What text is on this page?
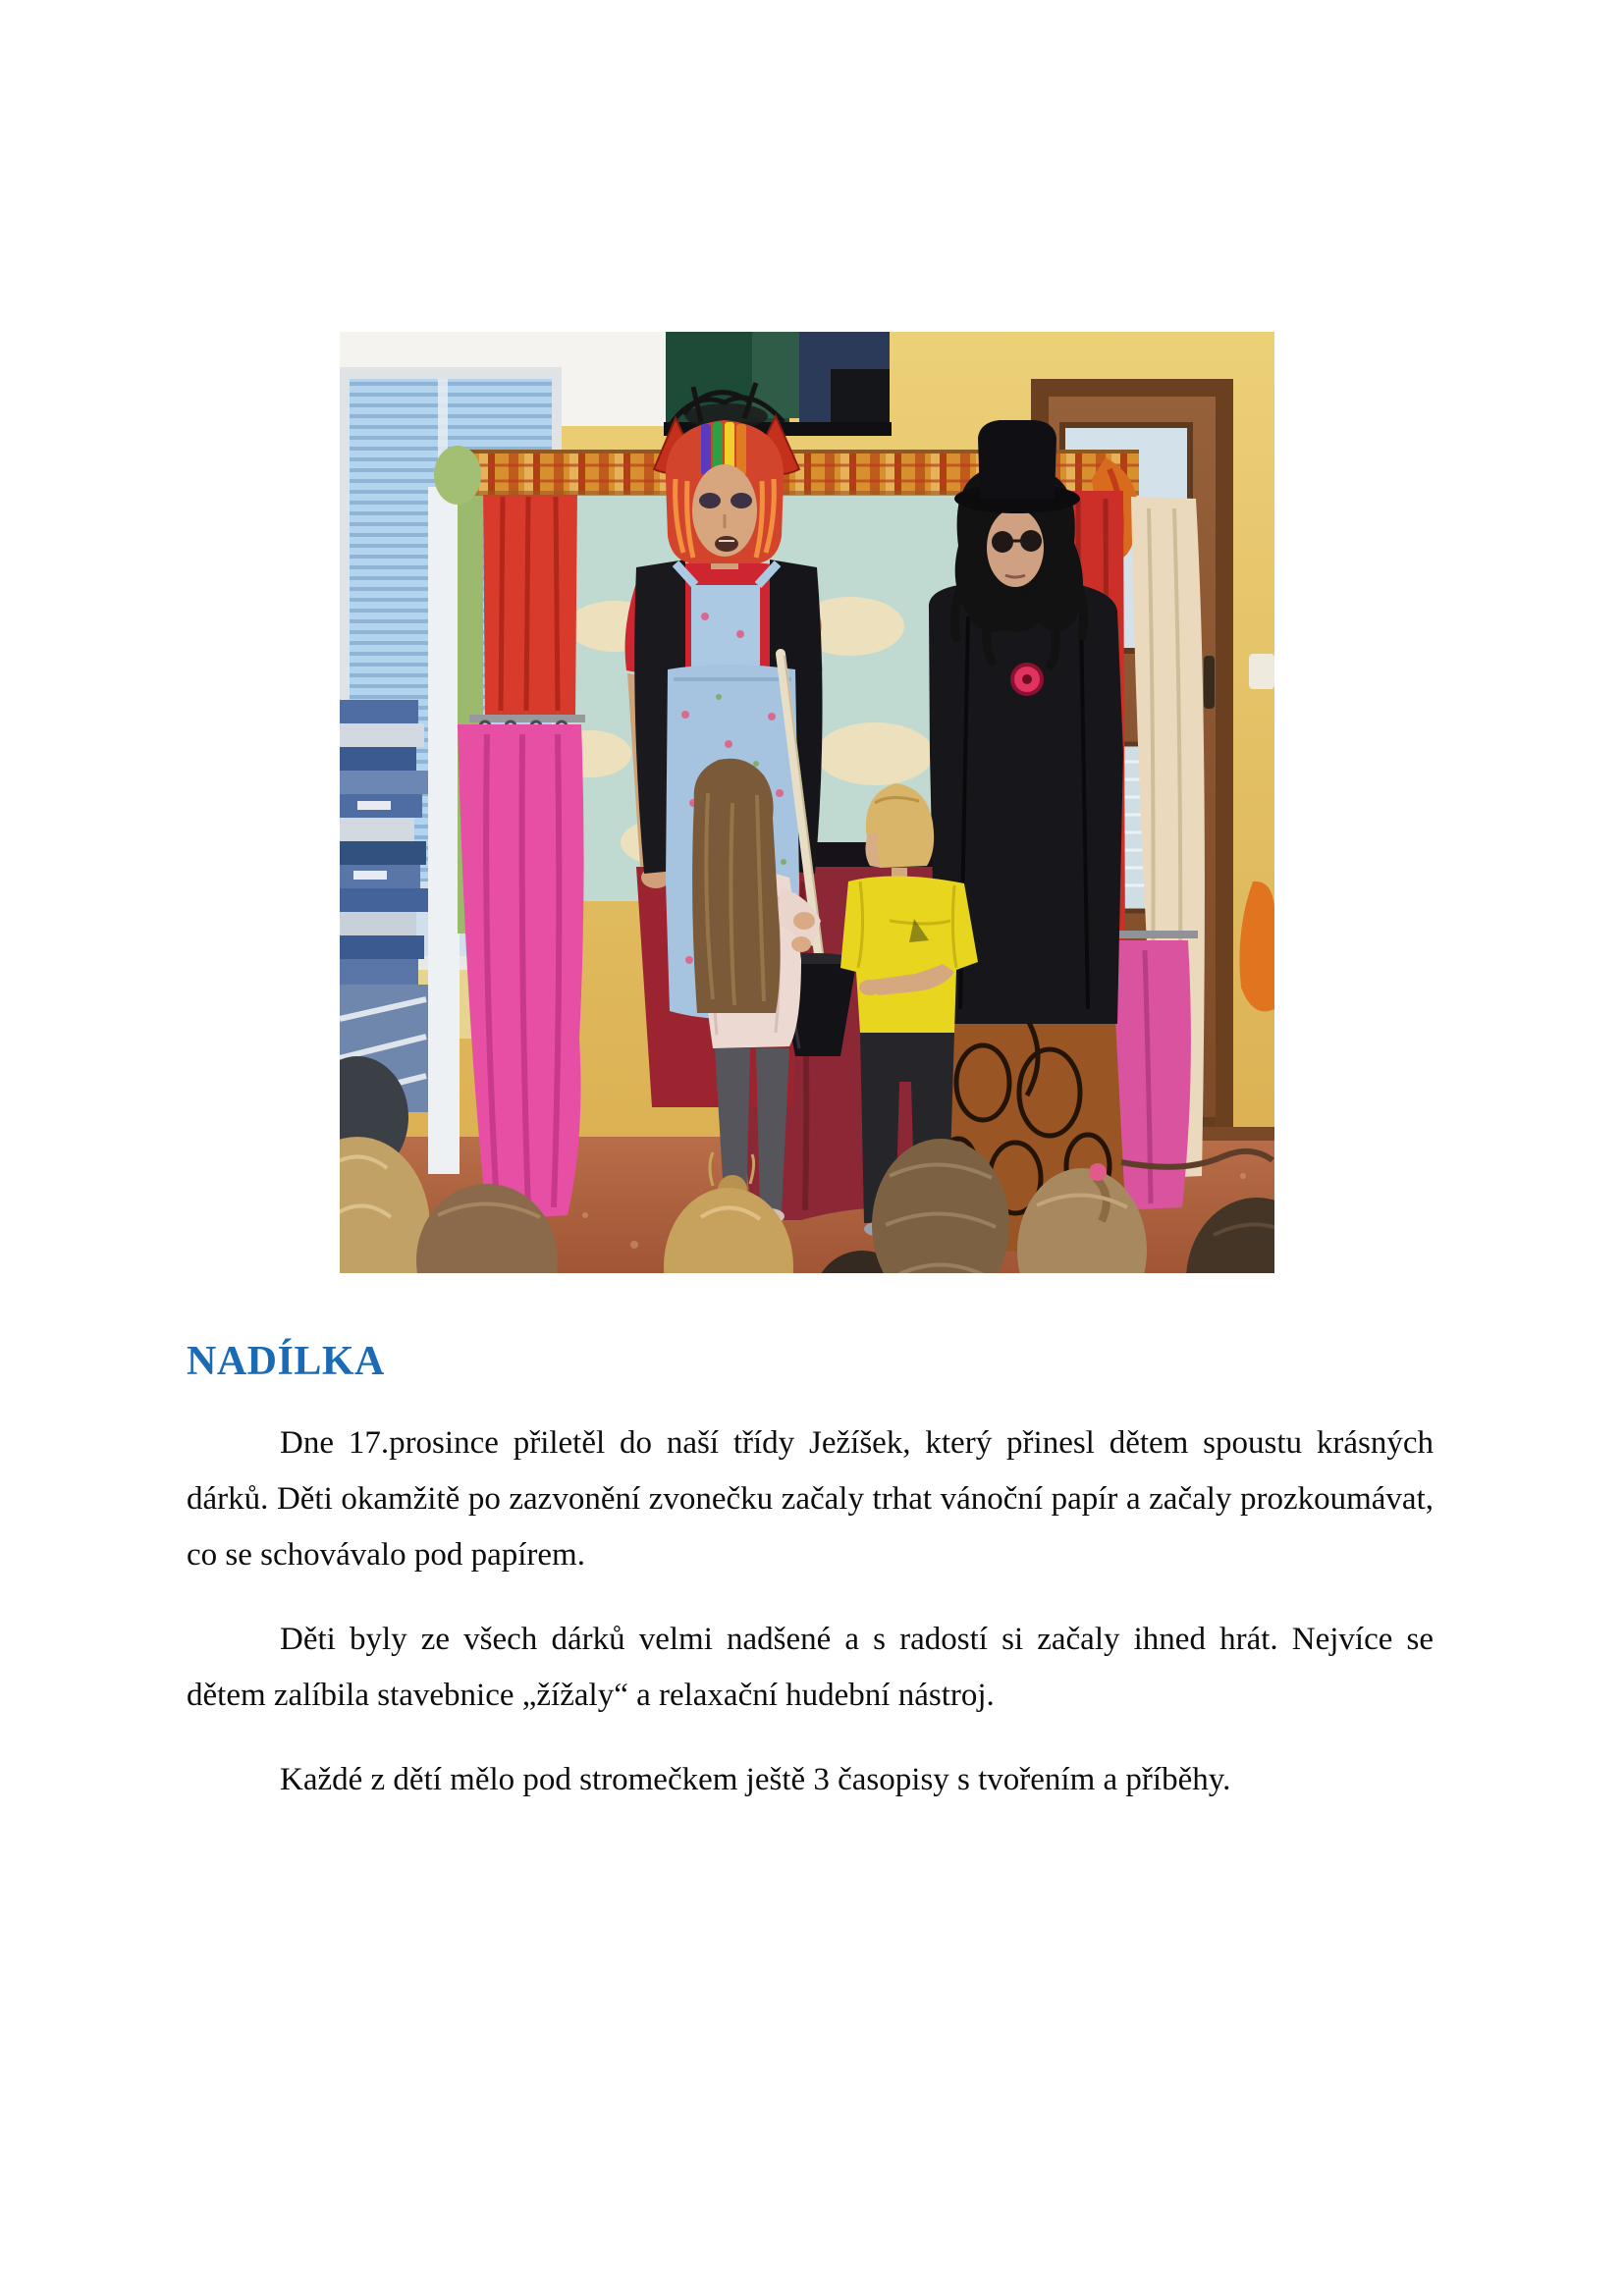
NADÍLKA

Dne 17.prosince přiletěl do naší třídy Ježíšek, který přinesl dětem spoustu krásných dárků. Děti okamžitě po zazvonění zvonečku začaly trhat vánoční papír a začaly prozkoumávat, co se schovávalo pod papírem.

Děti byly ze všech dárků velmi nadšené a s radostí si začaly ihned hrát. Nejvíce se dětem zalíbila stavebnice „žížaly“ a relaxační hudební nástroj.

Každé z dětí mělo pod stromečkem ještě 3 časopisy s tvořením a příběhy.
